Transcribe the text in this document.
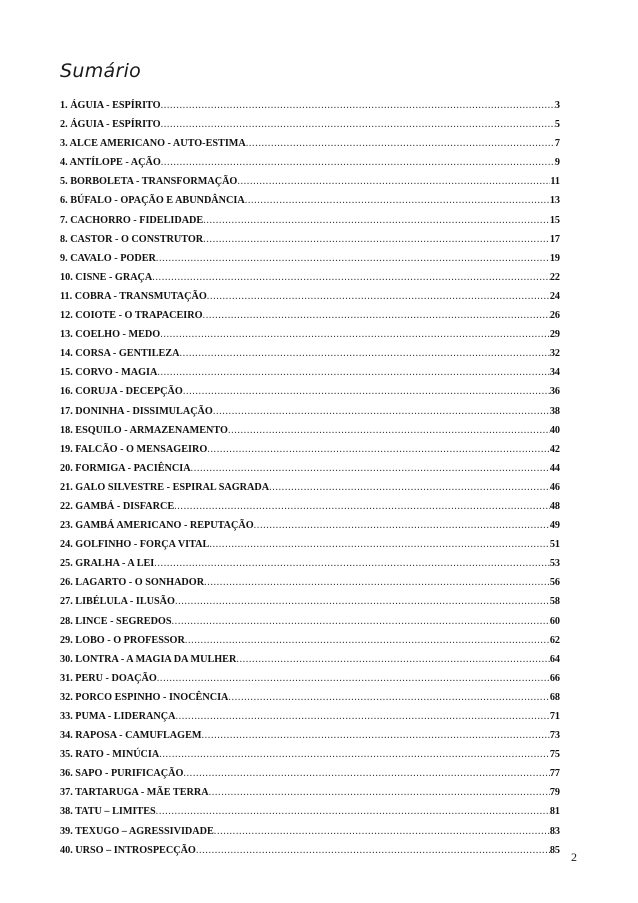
Sumário
1. ÁGUIA - ESPÍRITO .....	3
2. ÁGUIA - ESPÍRITO .....	5
3. ALCE AMERICANO - AUTO-ESTIMA .....	7
4. ANTÍLOPE - AÇÃO .....	9
5. BORBOLETA - TRANSFORMAÇÃO .....	11
6. BÚFALO - OPAÇÃO E ABUNDÂNCIA .....	13
7. CACHORRO - FIDELIDADE .....	15
8. CASTOR - O CONSTRUTOR .....	17
9. CAVALO - PODER .....	19
10. CISNE - GRAÇA .....	22
11. COBRA - TRANSMUTAÇÃO .....	24
12. COIOTE - O TRAPACEIRO .....	26
13. COELHO - MEDO .....	29
14. CORSA - GENTILEZA .....	32
15. CORVO - MAGIA .....	34
16. CORUJA - DECEPÇÃO .....	36
17. DONINHA - DISSIMULAÇÃO .....	38
18. ESQUILO - ARMAZENAMENTO .....	40
19. FALCÃO - O MENSAGEIRO .....	42
20. FORMIGA - PACIÊNCIA .....	44
21. GALO SILVESTRE - ESPIRAL SAGRADA .....	46
22. GAMBÁ - DISFARCE .....	48
23. GAMBÁ AMERICANO - REPUTAÇÃO .....	49
24. GOLFINHO - FORÇA VITAL .....	51
25. GRALHA - A LEI .....	53
26. LAGARTO - O SONHADOR .....	56
27. LIBÉLULA - ILUSÃO .....	58
28. LINCE - SEGREDOS .....	60
29. LOBO - O PROFESSOR .....	62
30. LONTRA - A MAGIA DA MULHER .....	64
31. PERU - DOAÇÃO .....	66
32. PORCO ESPINHO - INOCÊNCIA .....	68
33. PUMA - LIDERANÇA .....	71
34. RAPOSA - CAMUFLAGEM .....	73
35. RATO - MINÚCIA .....	75
36. SAPO - PURIFICAÇÃO .....	77
37. TARTARUGA - MÃE TERRA .....	79
38. TATU – LIMITES .....	81
39. TEXUGO – AGRESSIVIDADE .....	83
40. URSO – INTROSPECÇÃO .....	85 2
